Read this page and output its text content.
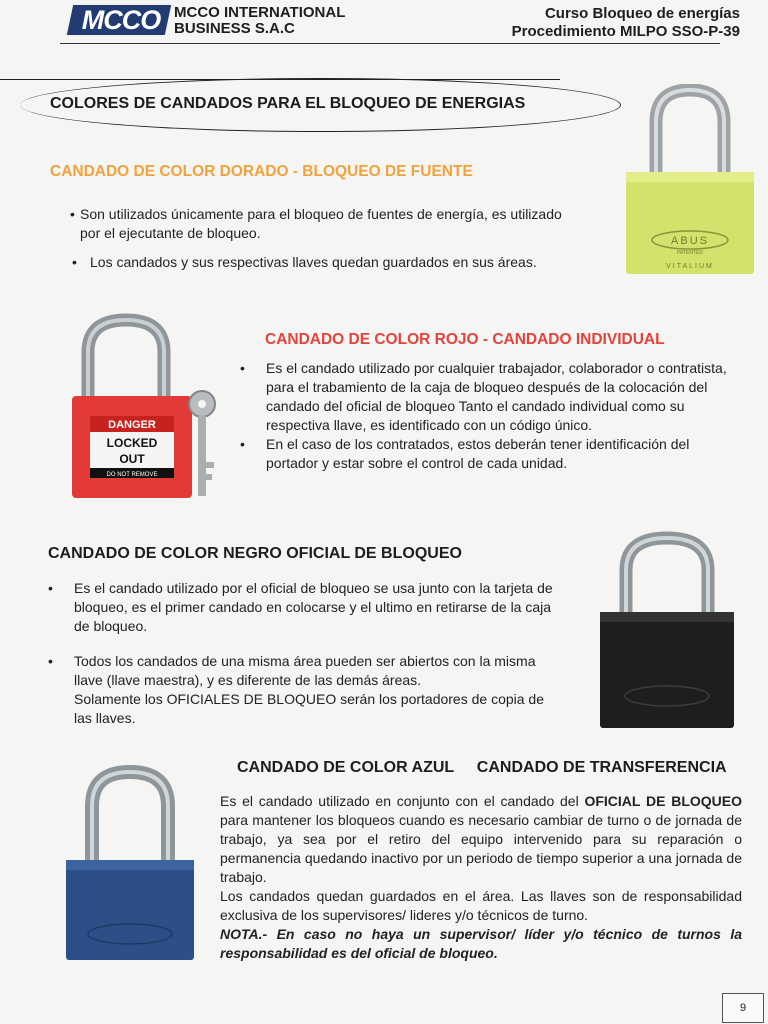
MCCO MCCO INTERNATIONAL
BUSINESS S.A.C
Curso Bloqueo de energías
Procedimiento MILPO SSO-P-39
COLORES DE CANDADOS PARA EL BLOQUEO DE ENERGIAS
ABUS
PATENTED
VITALIUM
CANDADO DE COLOR DORADO - BLOQUEO DE FUENTE
• Son utilizados únicamente para el bloqueo de fuentes de energía, es utilizado por el ejecutante de bloqueo.
• Los candados y sus respectivas llaves quedan guardados en sus áreas.
DANGER
LOCKED
OUT
DO NOT REMOVE
CANDADO DE COLOR ROJO - CANDADO INDIVIDUAL
• Es el candado utilizado por cualquier trabajador, colaborador o contratista, para el trabamiento de la caja de bloqueo después de la colocación del candado del oficial de bloqueo Tanto el candado individual como su respectiva llave, es identificado con un código único.
• En el caso de los contratados, estos deberán tener identificación del portador y estar sobre el control de cada unidad.
CANDADO DE COLOR NEGRO OFICIAL DE BLOQUEO
• Es el candado utilizado por el oficial de bloqueo se usa junto con la tarjeta de bloqueo, es el primer candado en colocarse y el ultimo en retirarse de la caja de bloqueo.
• Todos los candados de una misma área pueden ser abiertos con la misma llave (llave maestra), y es diferente de las demás áreas.
Solamente los OFICIALES DE BLOQUEO serán los portadores de copia de las llaves.
CANDADO DE COLOR AZUL CANDADO DE TRANSFERENCIA
Es el candado utilizado en conjunto con el candado del OFICIAL DE BLOQUEO para mantener los bloqueos cuando es necesario cambiar de turno o de jornada de trabajo, ya sea por el retiro del equipo intervenido para su reparación o permanencia quedando inactivo por un periodo de tiempo superior a una jornada de trabajo.
Los candados quedan guardados en el área. Las llaves son de responsabilidad exclusiva de los supervisores/ lideres y/o técnicos de turno.
NOTA.- En caso no haya un supervisor/ líder y/o técnico de turnos la responsabilidad es del oficial de bloqueo.
9
